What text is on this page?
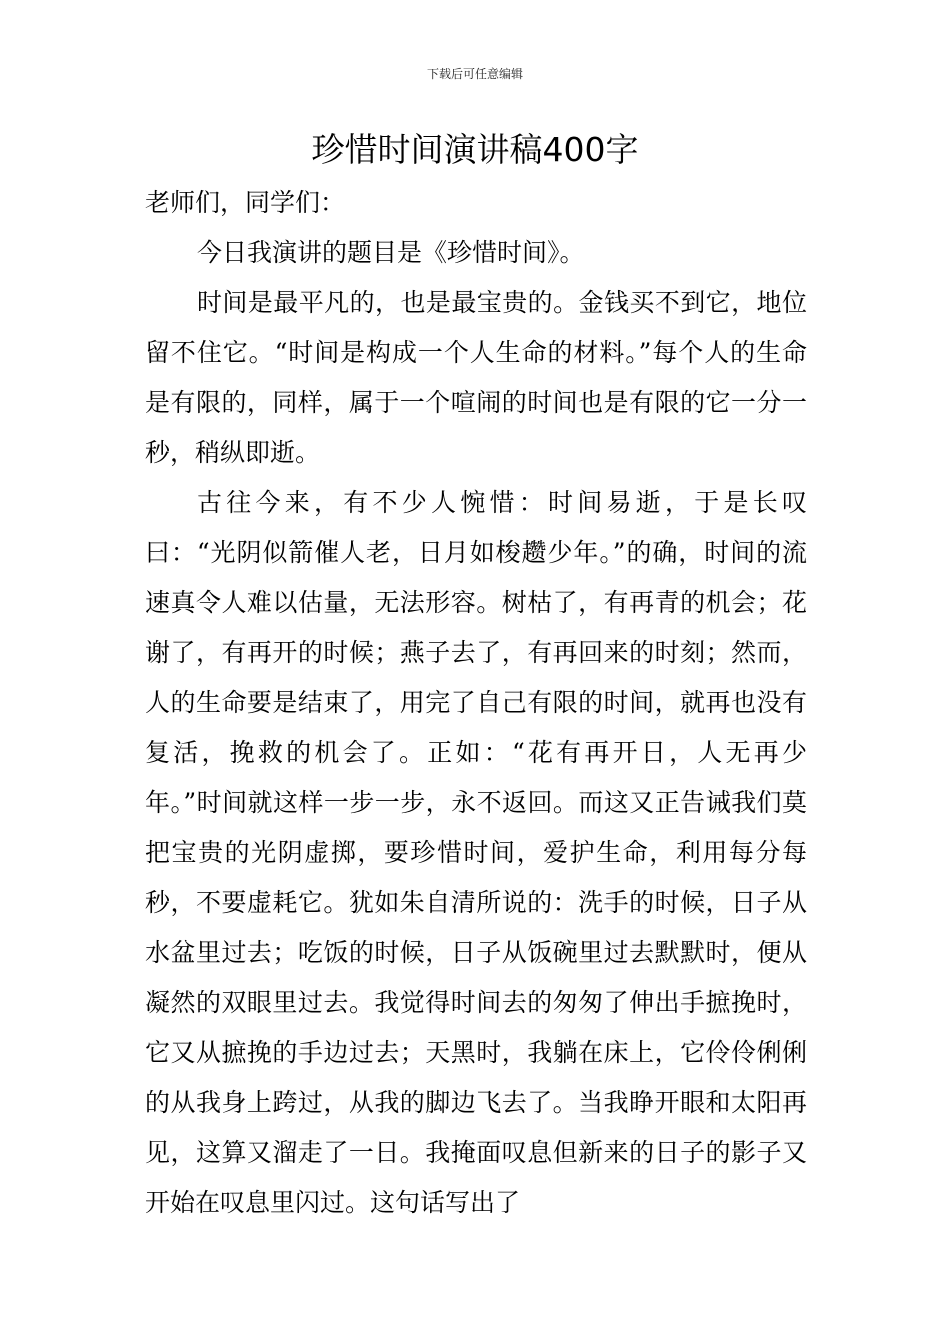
下载后可任意编辑
珍惜时间演讲稿400字

老师们，同学们：

今日我演讲的题目是《珍惜时间》。

时间是最平凡的，也是最宝贵的。金钱买不到它，地位留不住它。“时间是构成一个人生命的材料。”每个人的生命是有限的，同样，属于一个喧闹的时间也是有限的它一分一秒，稍纵即逝。

古往今来，有不少人惋惜：时间易逝，于是长叹曰：“光阴似箭催人老，日月如梭趱少年。”的确，时间的流速真令人难以估量，无法形容。树枯了，有再青的机会；花谢了，有再开的时候；燕子去了，有再回来的时刻；然而，人的生命要是结束了，用完了自己有限的时间，就再也没有复活，挽救的机会了。正如：“花有再开日，人无再少年。”时间就这样一步一步，永不返回。而这又正告诫我们莫把宝贵的光阴虚掷，要珍惜时间，爱护生命，利用每分每秒，不要虚耗它。犹如朱自清所说的：洗手的时候，日子从水盆里过去；吃饭的时候，日子从饭碗里过去默默时，便从凝然的双眼里过去。我觉得时间去的匆匆了伸出手摭挽时，它又从摭挽的手边过去；天黑时，我躺在床上，它伶伶俐俐的从我身上跨过，从我的脚边飞去了。当我睁开眼和太阳再见，这算又溜走了一日。我掩面叹息但新来的日子的影子又开始在叹息里闪过。这句话写出了
